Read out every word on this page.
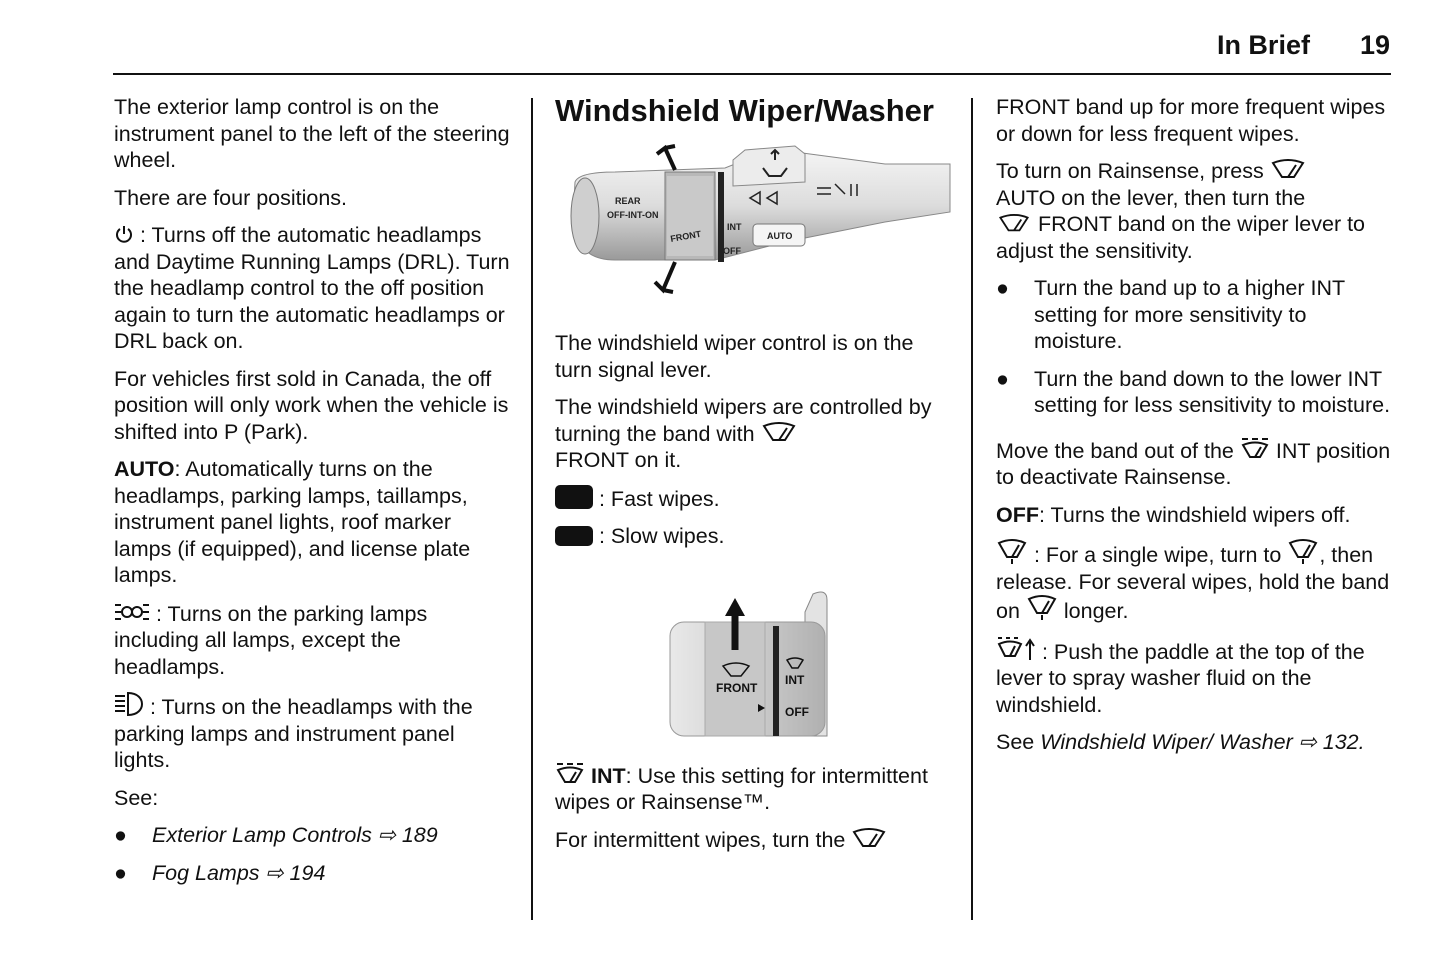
In Brief 19

The exterior lamp control is on the instrument panel to the left of the steering wheel.

There are four positions.

: Turns off the automatic headlamps and Daytime Running Lamps (DRL). Turn the headlamp control to the off position again to turn the automatic headlamps or DRL back on.

For vehicles first sold in Canada, the off position will only work when the vehicle is shifted into P (Park).

AUTO: Automatically turns on the headlamps, parking lamps, taillamps, instrument panel lights, roof marker lamps (if equipped), and license plate lamps.

: Turns on the parking lamps including all lamps, except the headlamps.

: Turns on the headlamps with the parking lamps and instrument panel lights.

See:

● Exterior Lamp Controls ⇨ 189
● Fog Lamps ⇨ 194
Windshield Wiper/Washer
REAR
OFF-INT-ON
FRONT
INT
OFF
AUTO

The windshield wiper control is on the turn signal lever.

The windshield wipers are controlled by turning the band with
FRONT on it.

: Fast wipes.

: Slow wipes.

FRONT
INT
OFF

INT: Use this setting for intermittent wipes or Rainsense™.

For intermittent wipes, turn the

FRONT band up for more frequent wipes or down for less frequent wipes.

To turn on Rainsense, press
AUTO on the lever, then turn the
FRONT band on the wiper lever to adjust the sensitivity.

● Turn the band up to a higher INT setting for more sensitivity to moisture.
● Turn the band down to the lower INT setting for less sensitivity to moisture.

Move the band out of the INT position to deactivate Rainsense.

OFF: Turns the windshield wipers off.

: For a single wipe, turn to , then release. For several wipes, hold the band on longer.

: Push the paddle at the top of the lever to spray washer fluid on the windshield.

See Windshield Wiper/ Washer ⇨ 132.
